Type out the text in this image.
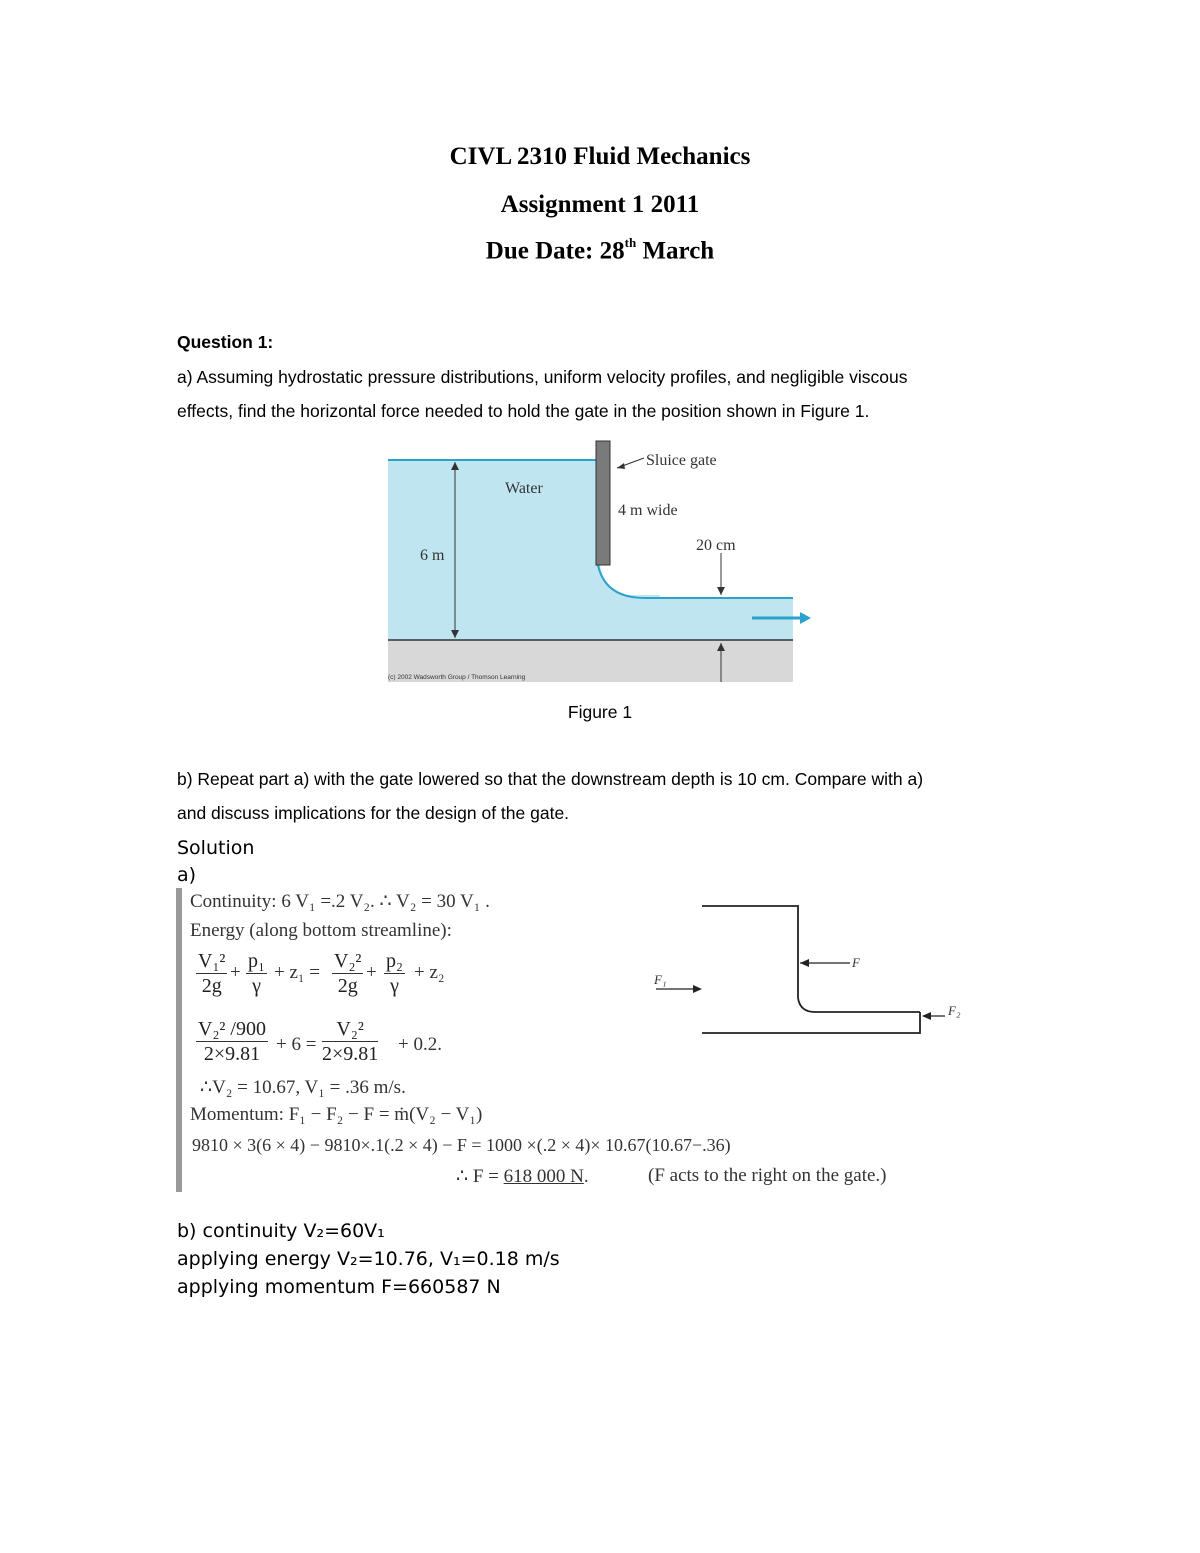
CIVL 2310 Fluid Mechanics
Assignment 1 2011
Due Date: 28th March
Question 1:
a) Assuming hydrostatic pressure distributions, uniform velocity profiles, and negligible viscous
effects, find the horizontal force needed to hold the gate in the position shown in Figure 1.
Sluice gate
Water
4 m wide
20 cm
6 m
(c) 2002 Wadsworth Group / Thomson Learning
Figure 1
b) Repeat part a) with the gate lowered so that the downstream depth is 10 cm. Compare with a)
and discuss implications for the design of the gate.
Solution
a)
Continuity: 6 V₁ =.2 V₂. ∴ V₂ = 30 V₁ .
Energy (along bottom streamline):
$\frac{\text{V₁²}}{2g} + \frac{\text{p₁}}{\gamma} + z_1 = \frac{\text{V₂²}}{2g} + \frac{\text{p₂}}{\gamma} + z_2$
$\frac{\text{V₂² /900}}{2\times 9.81} + 6 = \frac{\text{V₂²}}{2\times 9.81} + 0.2$.
∴V₂ = 10.67, V₁ = .36 m/s.
Momentum: F₁ − F₂ − F = ṁ(V₂ − V₁)
9810 × 3(6 × 4) − 9810×.1(.2 × 4) − F = 1000 ×(.2 × 4)× 10.67(10.67−.36)
∴ F = 618 000 N.	(F acts to the right on the gate.)
F
F₁
F₂
b) continuity V₂=60V₁
applying energy V₂=10.76, V₁=0.18 m/s
applying momentum F=660587 N
